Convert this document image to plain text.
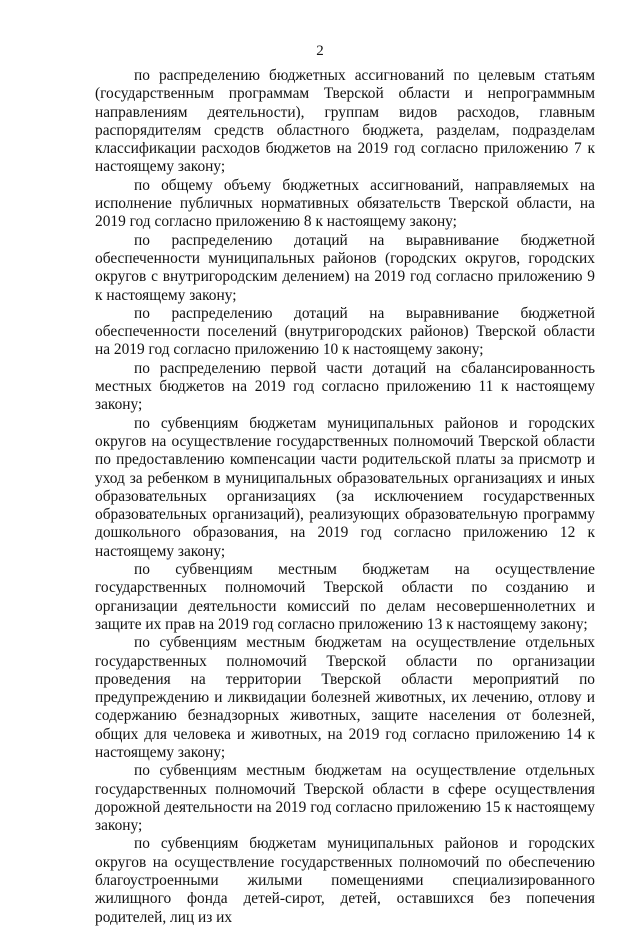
2

по распределению бюджетных ассигнований по целевым статьям (государственным программам Тверской области и непрограммным направлениям деятельности), группам видов расходов, главным распорядителям средств областного бюджета, разделам, подразделам классификации расходов бюджетов на 2019 год согласно приложению 7 к настоящему закону;

по общему объему бюджетных ассигнований, направляемых на исполнение публичных нормативных обязательств Тверской области, на 2019 год согласно приложению 8 к настоящему закону;

по распределению дотаций на выравнивание бюджетной обеспеченности муниципальных районов (городских округов, городских округов с внутригородским делением) на 2019 год согласно приложению 9 к настоящему закону;

по распределению дотаций на выравнивание бюджетной обеспеченности поселений (внутригородских районов) Тверской области на 2019 год согласно приложению 10 к настоящему закону;

по распределению первой части дотаций на сбалансированность местных бюджетов на 2019 год согласно приложению 11 к настоящему закону;

по субвенциям бюджетам муниципальных районов и городских округов на осуществление государственных полномочий Тверской области по предоставлению компенсации части родительской платы за присмотр и уход за ребенком в муниципальных образовательных организациях и иных образовательных организациях (за исключением государственных образовательных организаций), реализующих образовательную программу дошкольного образования, на 2019 год согласно приложению 12 к настоящему закону;

по субвенциям местным бюджетам на осуществление государственных полномочий Тверской области по созданию и организации деятельности комиссий по делам несовершеннолетних и защите их прав на 2019 год согласно приложению 13 к настоящему закону;

по субвенциям местным бюджетам на осуществление отдельных государственных полномочий Тверской области по организации проведения на территории Тверской области мероприятий по предупреждению и ликвидации болезней животных, их лечению, отлову и содержанию безнадзорных животных, защите населения от болезней, общих для человека и животных, на 2019 год согласно приложению 14 к настоящему закону;

по субвенциям местным бюджетам на осуществление отдельных государственных полномочий Тверской области в сфере осуществления дорожной деятельности на 2019 год согласно приложению 15 к настоящему закону;

по субвенциям бюджетам муниципальных районов и городских округов на осуществление государственных полномочий по обеспечению благоустроенными жилыми помещениями специализированного жилищного фонда детей-сирот, детей, оставшихся без попечения родителей, лиц из их
